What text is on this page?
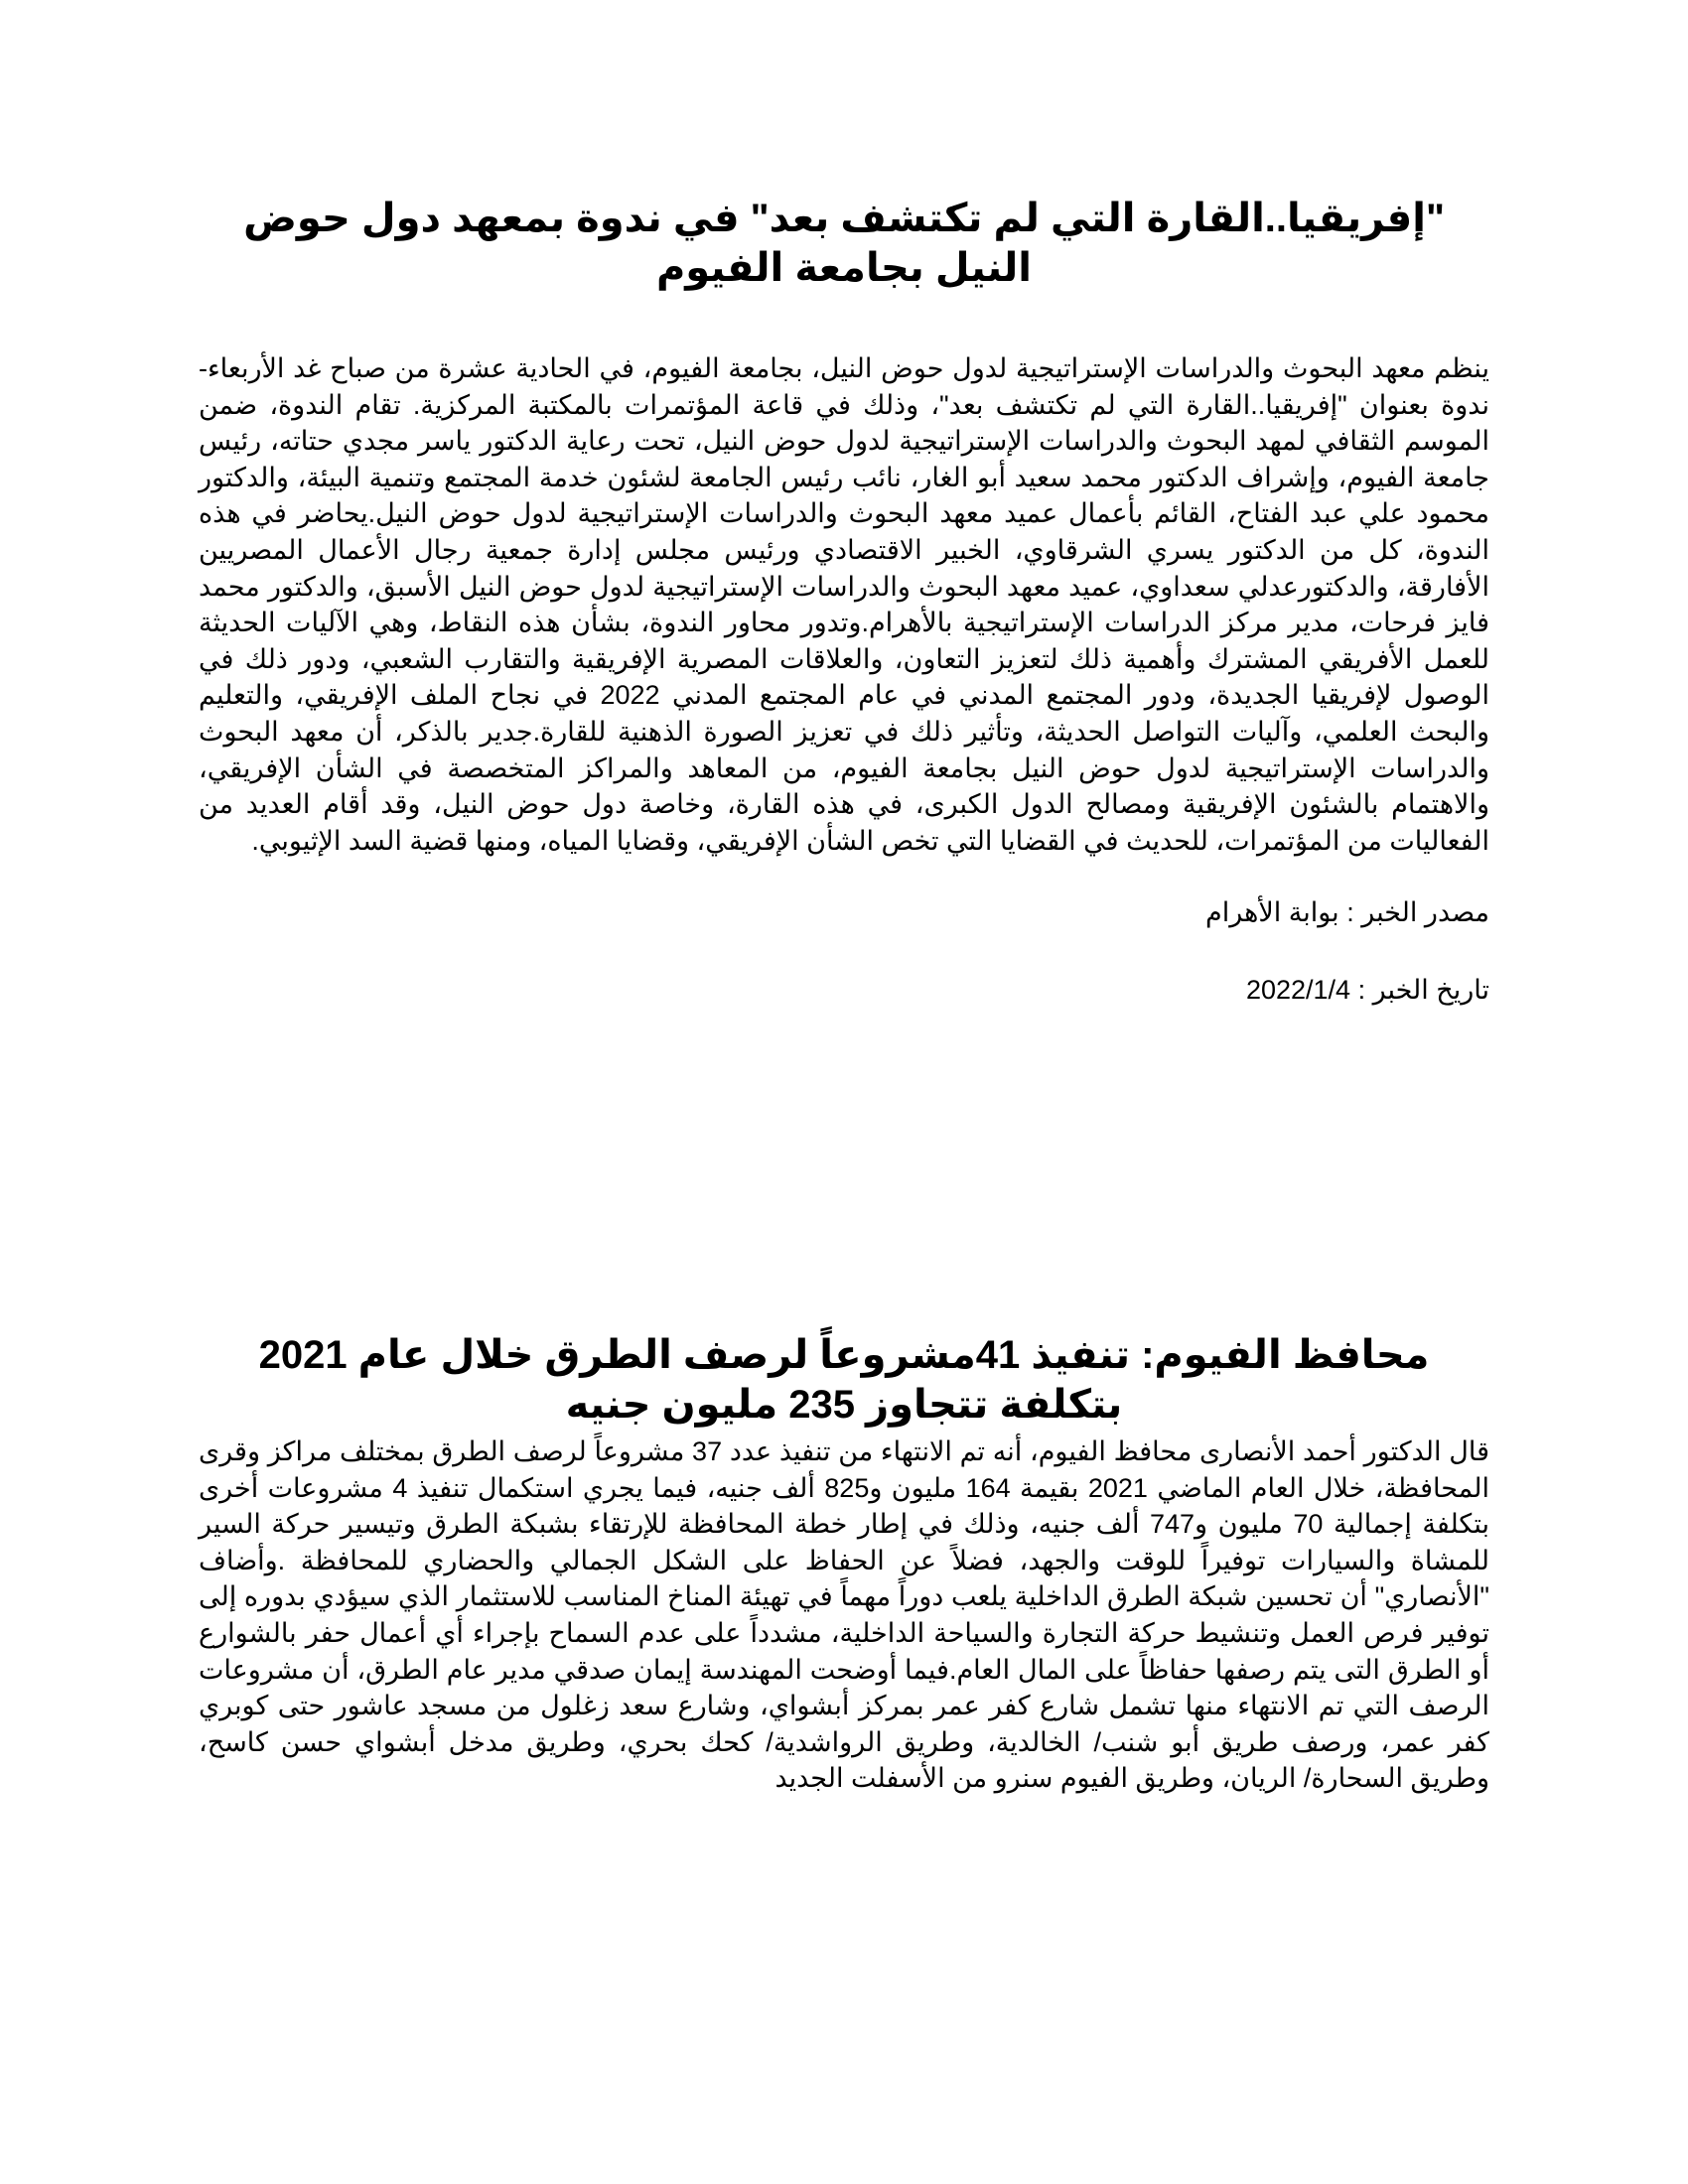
"إفريقيا..القارة التي لم تكتشف بعد" في ندوة بمعهد دول حوض النيل بجامعة الفيوم

ينظم معهد البحوث والدراسات الإستراتيجية لدول حوض النيل، بجامعة الفيوم، في الحادية عشرة من صباح غد الأربعاء- ندوة بعنوان "إفريقيا..القارة التي لم تكتشف بعد"، وذلك في قاعة المؤتمرات بالمكتبة المركزية. تقام الندوة، ضمن الموسم الثقافي لمهد البحوث والدراسات الإستراتيجية لدول حوض النيل، تحت رعاية الدكتور ياسر مجدي حتاته، رئيس جامعة الفيوم، وإشراف الدكتور محمد سعيد أبو الغار، نائب رئيس الجامعة لشئون خدمة المجتمع وتنمية البيئة، والدكتور محمود علي عبد الفتاح، القائم بأعمال عميد معهد البحوث والدراسات الإستراتيجية لدول حوض النيل.يحاضر في هذه الندوة، كل من الدكتور يسري الشرقاوي، الخبير الاقتصادي ورئيس مجلس إدارة جمعية رجال الأعمال المصريين الأفارقة، والدكتورعدلي سعداوي، عميد معهد البحوث والدراسات الإستراتيجية لدول حوض النيل الأسبق، والدكتور محمد فايز فرحات، مدير مركز الدراسات الإستراتيجية بالأهرام.وتدور محاور الندوة، بشأن هذه النقاط، وهي الآليات الحديثة للعمل الأفريقي المشترك وأهمية ذلك لتعزيز التعاون، والعلاقات المصرية الإفريقية والتقارب الشعبي، ودور ذلك في الوصول لإفريقيا الجديدة، ودور المجتمع المدني في عام المجتمع المدني 2022 في نجاح الملف الإفريقي، والتعليم والبحث العلمي، وآليات التواصل الحديثة، وتأثير ذلك في تعزيز الصورة الذهنية للقارة.جدير بالذكر، أن معهد البحوث والدراسات الإستراتيجية لدول حوض النيل بجامعة الفيوم، من المعاهد والمراكز المتخصصة في الشأن الإفريقي، والاهتمام بالشئون الإفريقية ومصالح الدول الكبرى، في هذه القارة، وخاصة دول حوض النيل، وقد أقام العديد من الفعاليات من المؤتمرات، للحديث في القضايا التي تخص الشأن الإفريقي، وقضايا المياه، ومنها قضية السد الإثيوبي.

مصدر الخبر : بوابة الأهرام

تاريخ الخبر : 2022/1/4

محافظ الفيوم: تنفيذ 41مشروعاً لرصف الطرق خلال عام 2021 بتكلفة تتجاوز 235 مليون جنيه

قال الدكتور أحمد الأنصارى محافظ الفيوم، أنه تم الانتهاء من تنفيذ عدد 37 مشروعاً لرصف الطرق بمختلف مراكز وقرى المحافظة، خلال العام الماضي 2021 بقيمة 164 مليون و825 ألف جنيه، فيما يجري استكمال تنفيذ 4 مشروعات أخرى بتكلفة إجمالية 70 مليون و747 ألف جنيه، وذلك في إطار خطة المحافظة للإرتقاء بشبكة الطرق وتيسير حركة السير للمشاة والسيارات توفيراً للوقت والجهد، فضلاً عن الحفاظ على الشكل الجمالي والحضاري للمحافظة .وأضاف "الأنصاري" أن تحسين شبكة الطرق الداخلية يلعب دوراً مهماً في تهيئة المناخ المناسب للاستثمار الذي سيؤدي بدوره إلى توفير فرص العمل وتنشيط حركة التجارة والسياحة الداخلية، مشدداً على عدم السماح بإجراء أي أعمال حفر بالشوارع أو الطرق التى يتم رصفها حفاظاً على المال العام.فيما أوضحت المهندسة إيمان صدقي مدير عام الطرق، أن مشروعات الرصف التي تم الانتهاء منها تشمل شارع كفر عمر بمركز أبشواي، وشارع سعد زغلول من مسجد عاشور حتى كوبري كفر عمر، ورصف طريق أبو شنب/ الخالدية، وطريق الرواشدية/ كحك بحري، وطريق مدخل أبشواي حسن كاسح، وطريق السحارة/ الريان، وطريق الفيوم سنرو من الأسفلت الجديد
